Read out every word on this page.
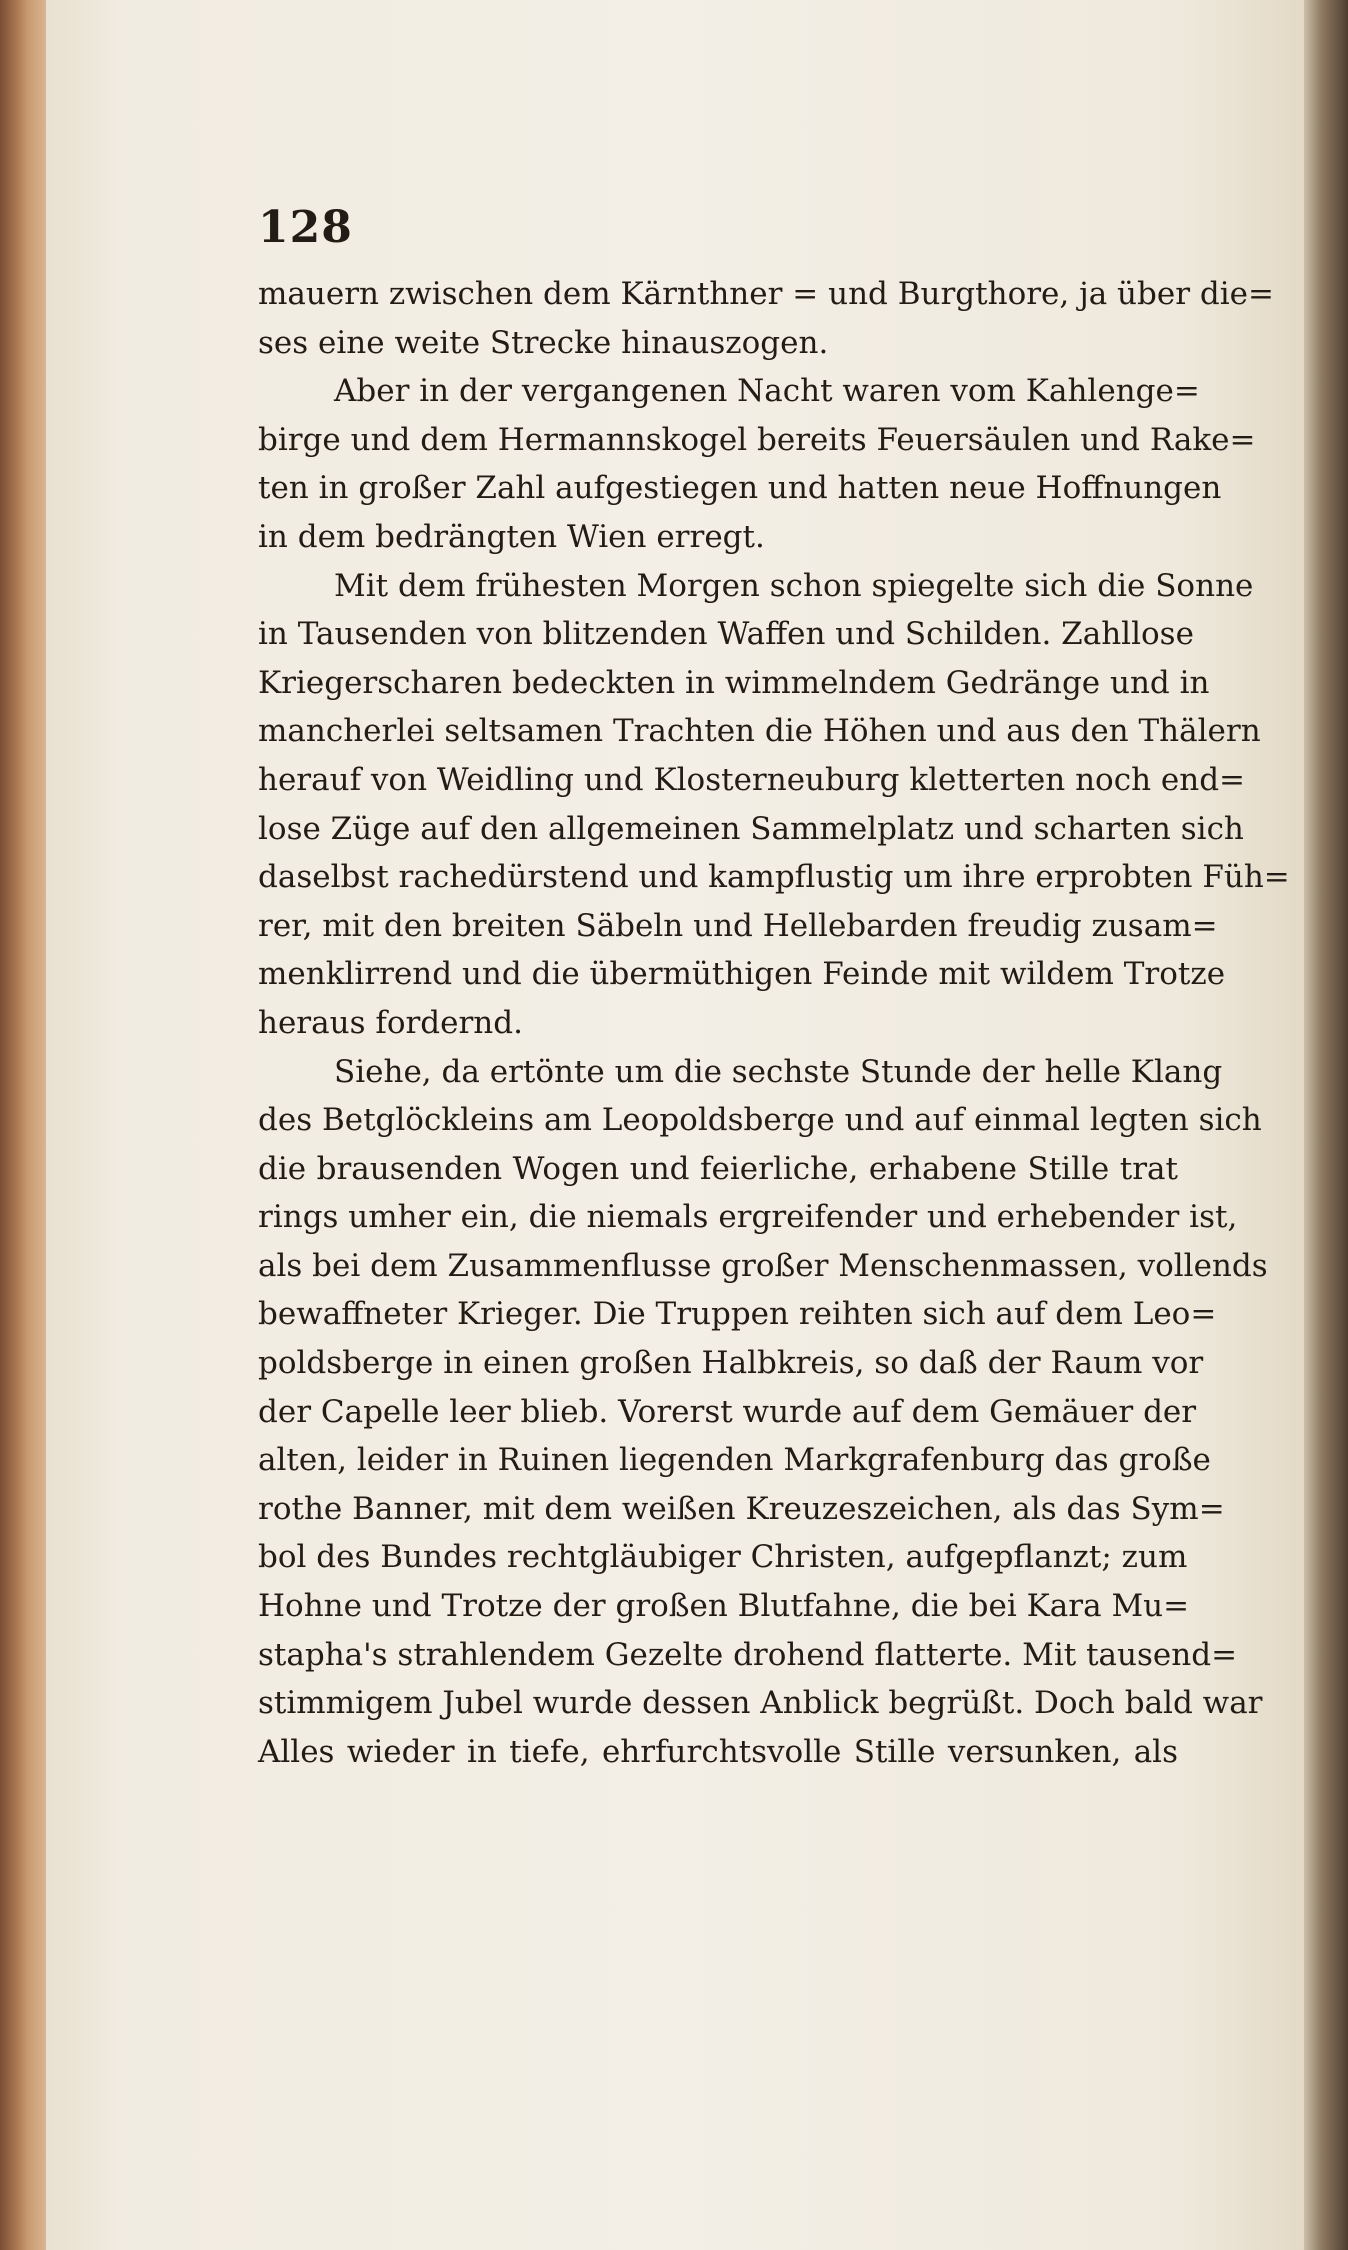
128
mauern zwischen dem Kärnthner = und Burgthore, ja über die=
ses eine weite Strecke hinauszogen.
Aber in der vergangenen Nacht waren vom Kahlenge=
birge und dem Hermannskogel bereits Feuersäulen und Rake=
ten in großer Zahl aufgestiegen und hatten neue Hoffnungen
in dem bedrängten Wien erregt.
Mit dem frühesten Morgen schon spiegelte sich die Sonne
in Tausenden von blitzenden Waffen und Schilden. Zahllose
Kriegerscharen bedeckten in wimmelndem Gedränge und in
mancherlei seltsamen Trachten die Höhen und aus den Thälern
herauf von Weidling und Klosterneuburg kletterten noch end=
lose Züge auf den allgemeinen Sammelplatz und scharten sich
daselbst rachedürstend und kampflustig um ihre erprobten Füh=
rer, mit den breiten Säbeln und Hellebarden freudig zusam=
menklirrend und die übermüthigen Feinde mit wildem Trotze
heraus fordernd.
Siehe, da ertönte um die sechste Stunde der helle Klang
des Betglöckleins am Leopoldsberge und auf einmal legten sich
die brausenden Wogen und feierliche, erhabene Stille trat
rings umher ein, die niemals ergreifender und erhebender ist,
als bei dem Zusammenflusse großer Menschenmassen, vollends
bewaffneter Krieger. Die Truppen reihten sich auf dem Leo=
poldsberge in einen großen Halbkreis, so daß der Raum vor
der Capelle leer blieb. Vorerst wurde auf dem Gemäuer der
alten, leider in Ruinen liegenden Markgrafenburg das große
rothe Banner, mit dem weißen Kreuzeszeichen, als das Sym=
bol des Bundes rechtgläubiger Christen, aufgepflanzt; zum
Hohne und Trotze der großen Blutfahne, die bei Kara Mu=
stapha's strahlendem Gezelte drohend flatterte. Mit tausend=
stimmigem Jubel wurde dessen Anblick begrüßt. Doch bald war
Alles wieder in tiefe, ehrfurchtsvolle Stille versunken, als
